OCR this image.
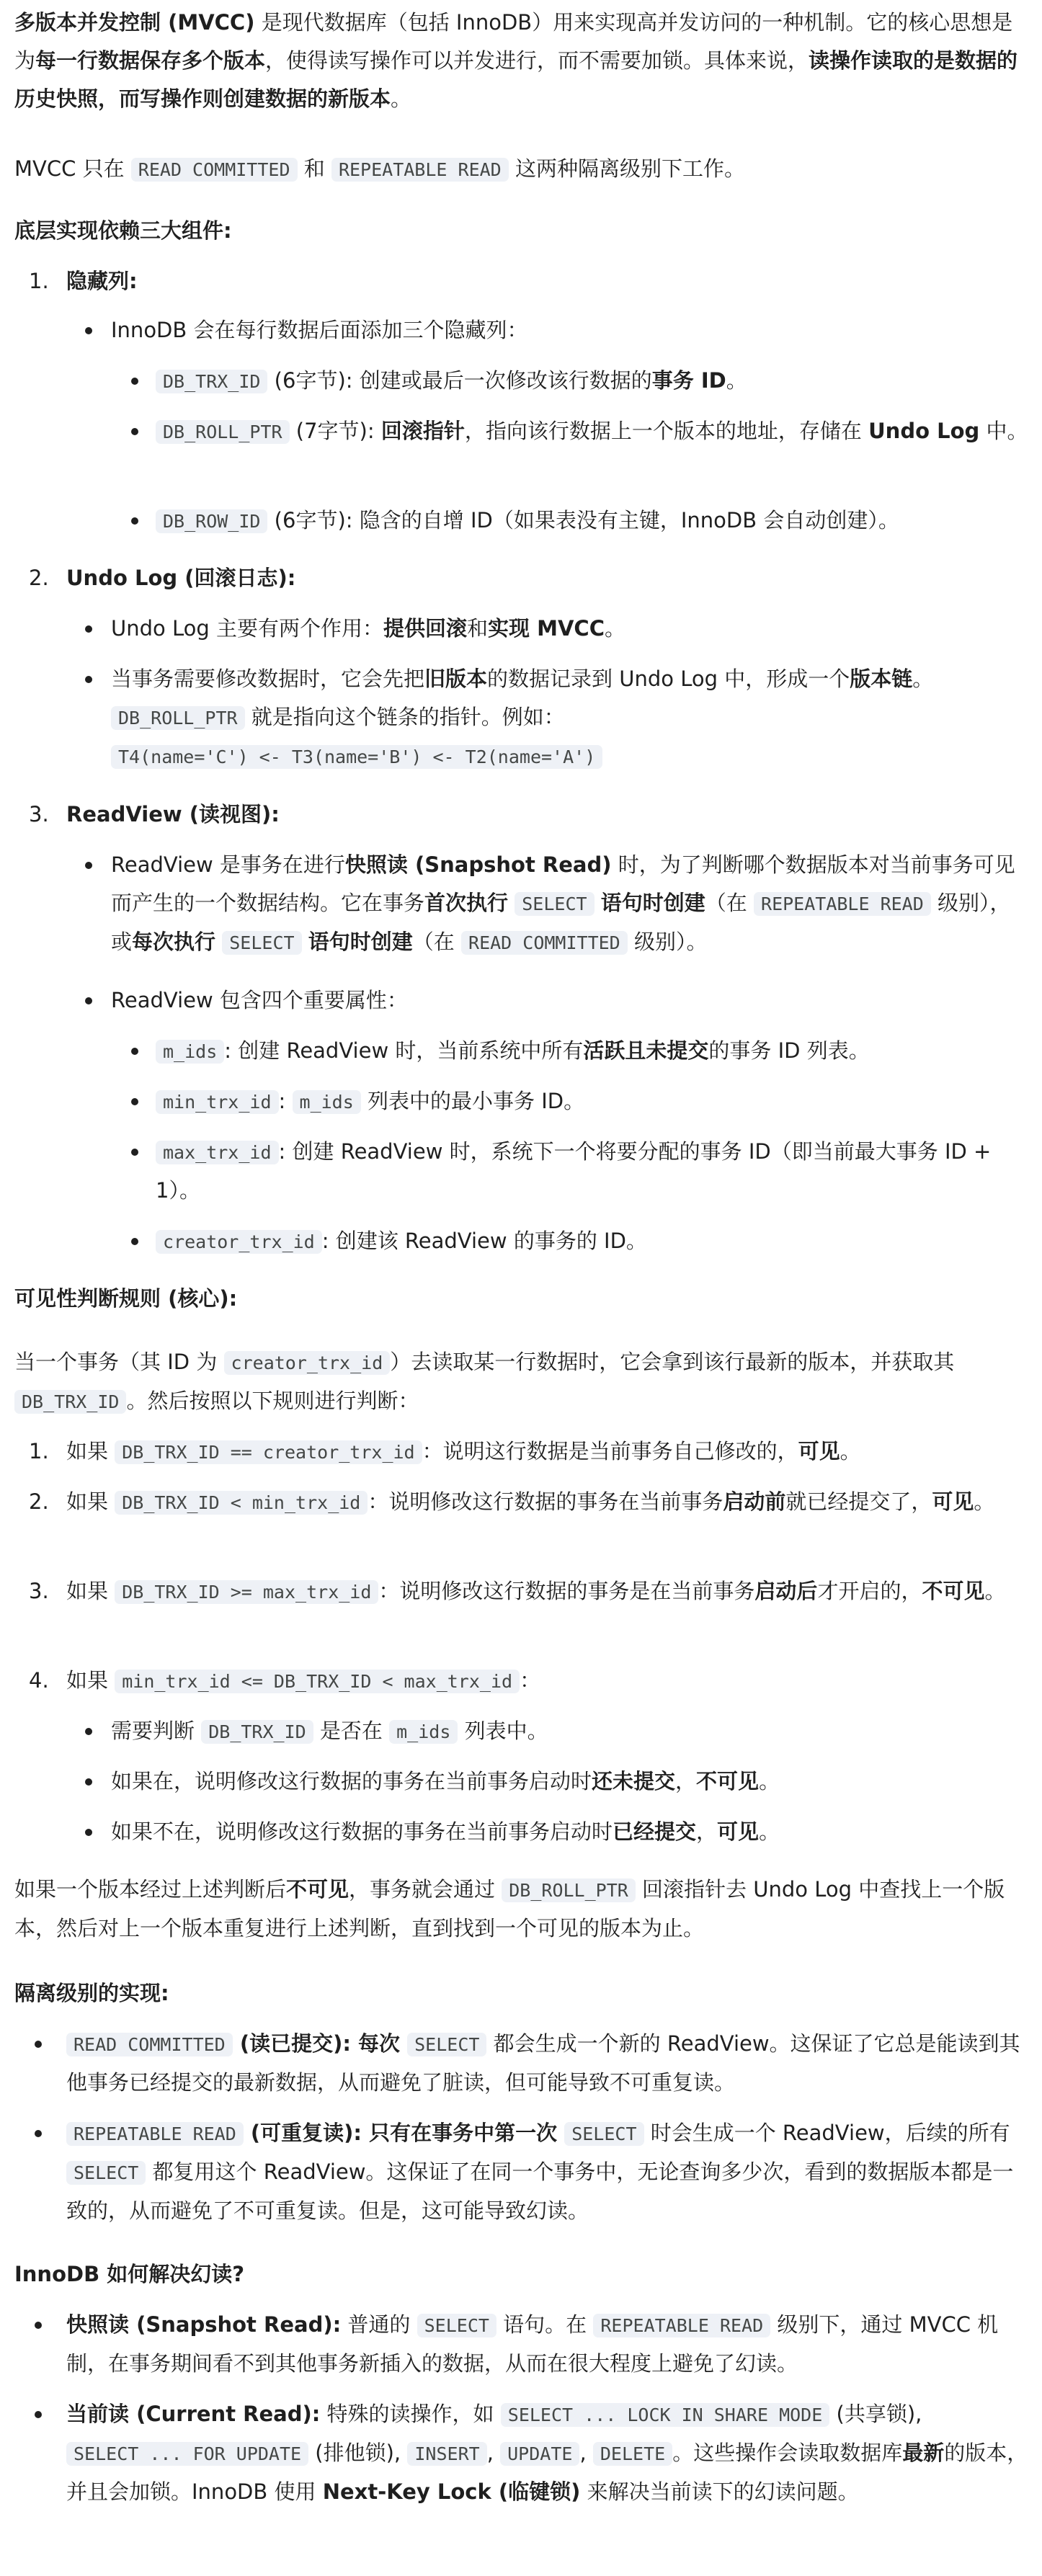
多版本并发控制 (MVCC) 是现代数据库（包括 InnoDB）用来实现高并发访问的一种机制。它的核心思想是为每一行数据保存多个版本，使得读写操作可以并发进行，而不需要加锁。具体来说，读操作读取的是数据的历史快照，而写操作则创建数据的新版本。

MVCC 只在 READ COMMITTED 和 REPEATABLE READ 这两种隔离级别下工作。

底层实现依赖三大组件:

1. 隐藏列:
InnoDB 会在每行数据后面添加三个隐藏列：
DB_TRX_ID (6字节): 创建或最后一次修改该行数据的事务 ID。
DB_ROLL_PTR (7字节): 回滚指针，指向该行数据上一个版本的地址，存储在 Undo Log 中。
DB_ROW_ID (6字节): 隐含的自增 ID（如果表没有主键，InnoDB 会自动创建）。
2. Undo Log (回滚日志):
Undo Log 主要有两个作用：提供回滚和实现 MVCC。
当事务需要修改数据时，它会先把旧版本的数据记录到 Undo Log 中，形成一个版本链。
DB_ROLL_PTR 就是指向这个链条的指针。例如：
T4(name='C') <- T3(name='B') <- T2(name='A')
3. ReadView (读视图):
ReadView 是事务在进行快照读 (Snapshot Read) 时，为了判断哪个数据版本对当前事务可见而产生的一个数据结构。它在事务首次执行 SELECT 语句时创建（在 REPEATABLE READ 级别），或每次执行 SELECT 语句时创建（在 READ COMMITTED 级别）。
ReadView 包含四个重要属性：
m_ids : 创建 ReadView 时，当前系统中所有活跃且未提交的事务 ID 列表。
min_trx_id : m_ids 列表中的最小事务 ID。
max_trx_id : 创建 ReadView 时，系统下一个将要分配的事务 ID（即当前最大事务 ID + 1）。
creator_trx_id : 创建该 ReadView 的事务的 ID。

可见性判断规则 (核心):

当一个事务（其 ID 为 creator_trx_id ）去读取某一行数据时，它会拿到该行最新的版本，并获取其 DB_TRX_ID 。然后按照以下规则进行判断：

1. 如果 DB_TRX_ID == creator_trx_id ：说明这行数据是当前事务自己修改的，可见。
2. 如果 DB_TRX_ID < min_trx_id ：说明修改这行数据的事务在当前事务启动前就已经提交了，可见。
3. 如果 DB_TRX_ID >= max_trx_id ：说明修改这行数据的事务是在当前事务启动后才开启的，不可见。
4. 如果 min_trx_id <= DB_TRX_ID < max_trx_id ：
需要判断 DB_TRX_ID 是否在 m_ids 列表中。
如果在，说明修改这行数据的事务在当前事务启动时还未提交，不可见。
如果不在，说明修改这行数据的事务在当前事务启动时已经提交，可见。

如果一个版本经过上述判断后不可见，事务就会通过 DB_ROLL_PTR 回滚指针去 Undo Log 中查找上一个版本，然后对上一个版本重复进行上述判断，直到找到一个可见的版本为止。

隔离级别的实现:

READ COMMITTED (读已提交): 每次 SELECT 都会生成一个新的 ReadView。这保证了它总是能读到其他事务已经提交的最新数据，从而避免了脏读，但可能导致不可重复读。
REPEATABLE READ (可重复读): 只有在事务中第一次 SELECT 时会生成一个 ReadView，后续的所有 SELECT 都复用这个 ReadView。这保证了在同一个事务中，无论查询多少次，看到的数据版本都是一致的，从而避免了不可重复读。但是，这可能导致幻读。

InnoDB 如何解决幻读?

快照读 (Snapshot Read): 普通的 SELECT 语句。在 REPEATABLE READ 级别下，通过 MVCC 机制，在事务期间看不到其他事务新插入的数据，从而在很大程度上避免了幻读。
当前读 (Current Read): 特殊的读操作，如 SELECT ... LOCK IN SHARE MODE (共享锁), SELECT ... FOR UPDATE (排他锁), INSERT , UPDATE , DELETE 。这些操作会读取数据库最新的版本，并且会加锁。InnoDB 使用 Next-Key Lock (临键锁) 来解决当前读下的幻读问题。
